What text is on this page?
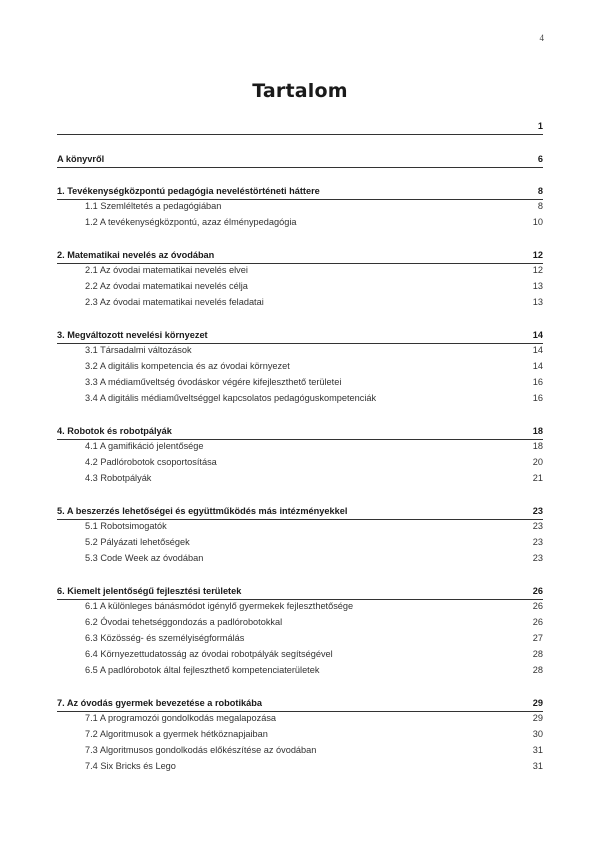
4
Tartalom
1
A könyvről	6
1. Tevékenységközpontú pedagógia neveléstörténeti háttere	8
1.1 Szemléltetés a pedagógiában	8
1.2 A tevékenységközpontú, azaz élménypedagógia	10
2. Matematikai nevelés az óvodában	12
2.1 Az óvodai matematikai nevelés elvei	12
2.2 Az óvodai matematikai nevelés célja	13
2.3 Az óvodai matematikai nevelés feladatai	13
3. Megváltozott nevelési környezet	14
3.1 Társadalmi változások	14
3.2 A digitális kompetencia és az óvodai környezet	14
3.3 A médiaműveltség óvodáskor végére kifejleszthető területei	16
3.4 A digitális médiaműveltséggel kapcsolatos pedagóguskompetenciák	16
4. Robotok és robotpályák	18
4.1 A gamifikáció jelentősége	18
4.2 Padlórobotok csoportosítása	20
4.3 Robotpályák	21
5. A beszerzés lehetőségei és együttműködés más intézményekkel	23
5.1 Robotsimogatók	23
5.2 Pályázati lehetőségek	23
5.3 Code Week az óvodában	23
6. Kiemelt jelentőségű fejlesztési területek	26
6.1 A különleges bánásmódot igénylő gyermekek fejleszthetősége	26
6.2 Óvodai tehetséggondozás a padlórobotokkal	26
6.3 Közösség- és személyiségformálás	27
6.4 Környezettudatosság az óvodai robotpályák segítségével	28
6.5 A padlórobotok által fejleszthető kompetenciaterületek	28
7. Az óvodás gyermek bevezetése a robotikába	29
7.1 A programozói gondolkodás megalapozása	29
7.2 Algoritmusok a gyermek hétköznapjaiban	30
7.3 Algoritmusos gondolkodás előkészítése az óvodában	31
7.4 Six Bricks és Lego	31
